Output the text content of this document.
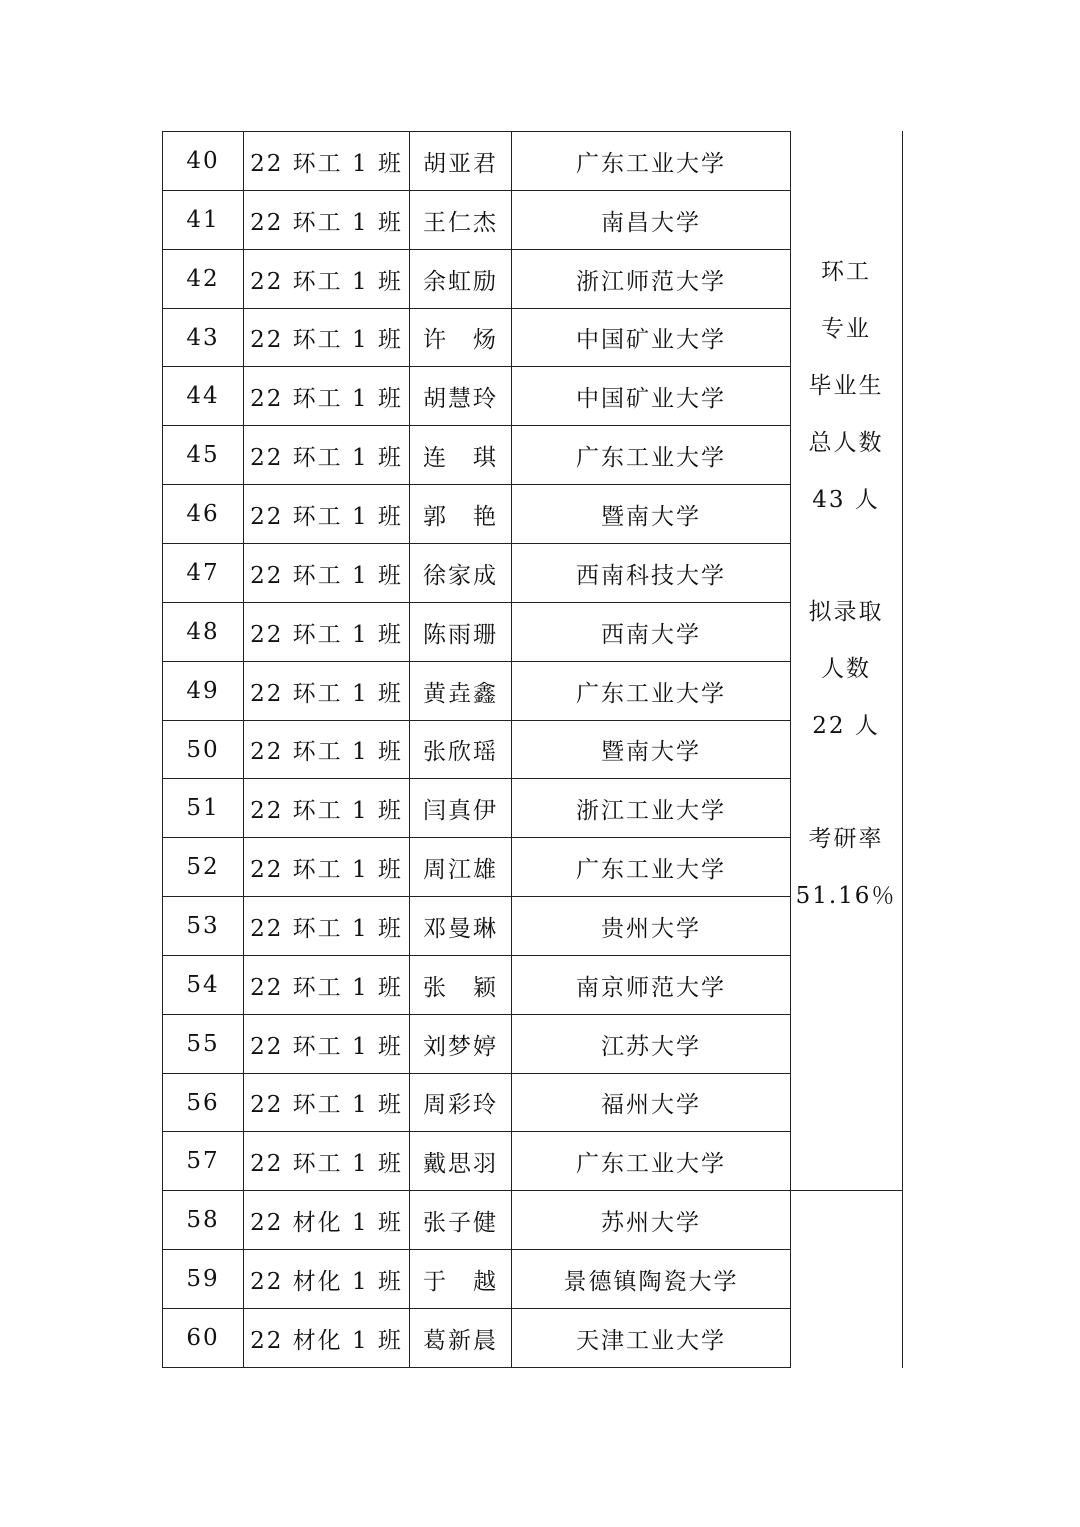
40	22 环工 1 班 胡亚君	广东工业大学
41	22 环工 1 班 王仁杰	南昌大学
42	22 环工 1 班 余虹励	浙江师范大学
43	22 环工 1 班 许　炀	中国矿业大学
44	22 环工 1 班 胡慧玲	中国矿业大学
45	22 环工 1 班 连　琪	广东工业大学
46	22 环工 1 班 郭　艳	暨南大学
47	22 环工 1 班 徐家成	西南科技大学
48	22 环工 1 班 陈雨珊	西南大学
49	22 环工 1 班 黄垚鑫	广东工业大学
50	22 环工 1 班 张欣瑶	暨南大学
51	22 环工 1 班 闫真伊	浙江工业大学
52	22 环工 1 班 周江雄	广东工业大学
53	22 环工 1 班 邓曼琳	贵州大学
54	22 环工 1 班 张　颖	南京师范大学
55	22 环工 1 班 刘梦婷	江苏大学
56	22 环工 1 班 周彩玲	福州大学
57	22 环工 1 班 戴思羽	广东工业大学
58	22 材化 1 班 张子健	苏州大学
59	22 材化 1 班 于　越	景德镇陶瓷大学
60	22 材化 1 班 葛新晨	天津工业大学
环工
专业
毕业生
总人数
43 人
拟录取
人数
22 人
考研率
51.16％
